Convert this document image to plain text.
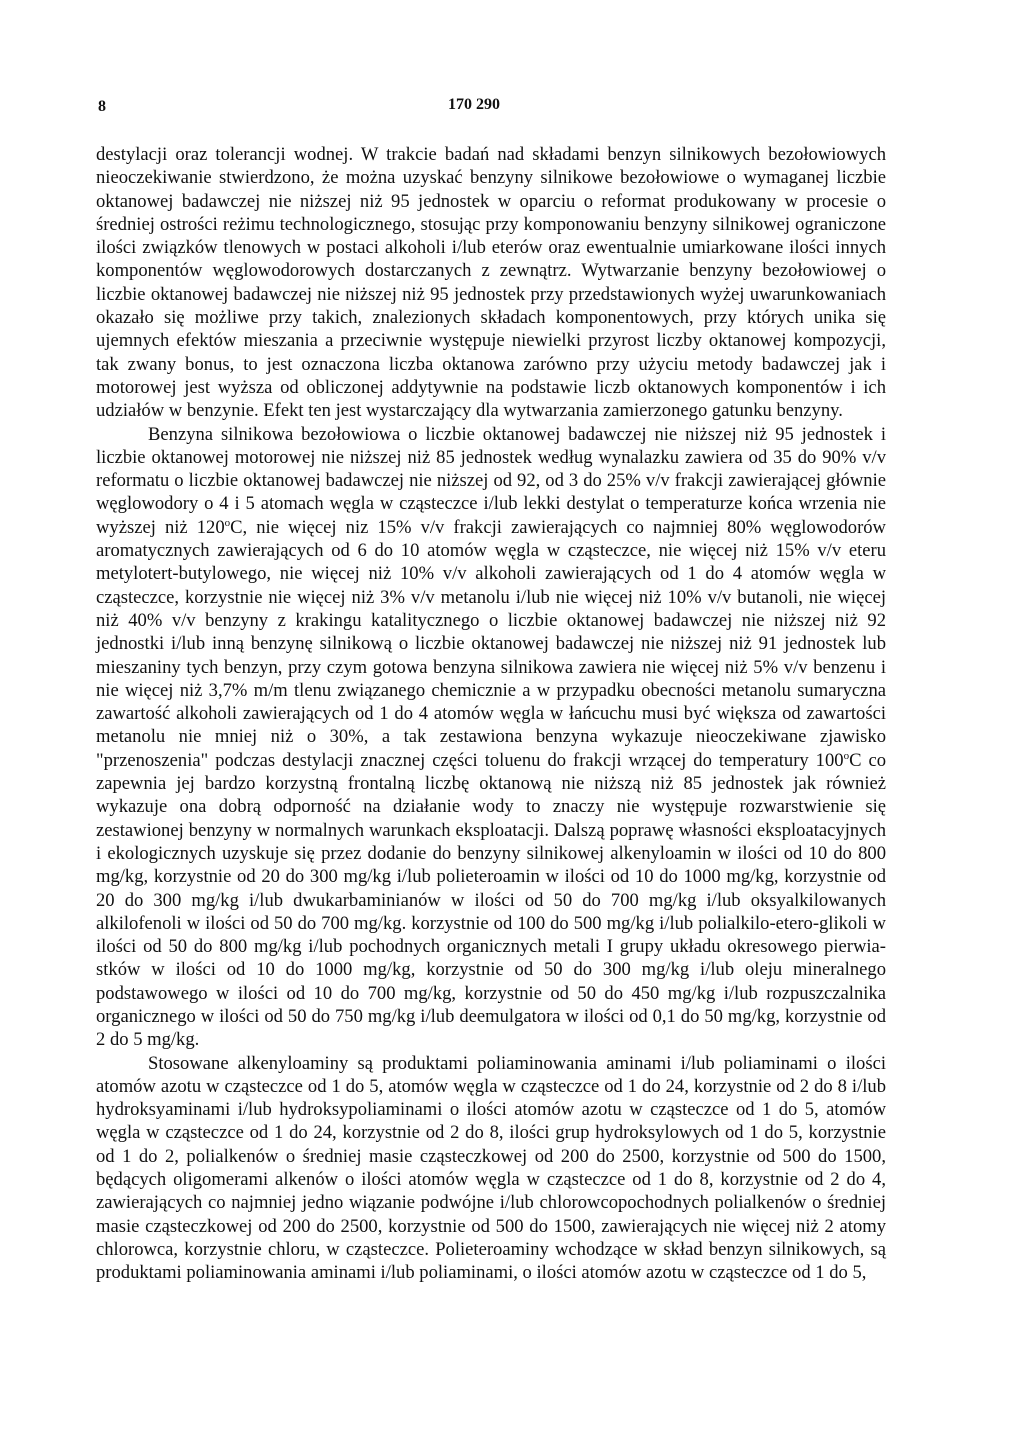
8	170 290

destylacji oraz tolerancji wodnej. W trakcie badań nad składami benzyn silnikowych bezołowiowych nieoczekiwanie stwierdzono, że można uzyskać benzyny silnikowe bezołowiowe o wymaganej liczbie oktanowej badawczej nie niższej niż 95 jednostek w oparciu o reformat produkowany w procesie o średniej ostrości reżimu technologicznego, stosując przy komponowaniu benzyny silnikowej ograniczone ilości związków tlenowych w postaci alkoholi i/lub eterów oraz ewentualnie umiarkowane ilości innych komponentów węglowodorowych dostarczanych z zewnątrz. Wytwarzanie benzyny bezołowiowej o liczbie oktanowej badawczej nie niższej niż 95 jednostek przy przedstawionych wyżej uwarunkowaniach okazało się możliwe przy takich, znalezionych składach komponentowych, przy których unika się ujemnych efektów mieszania a przeciwnie występuje niewielki przyrost liczby oktanowej kompozycji, tak zwany bonus, to jest oznaczona liczba oktanowa zarówno przy użyciu metody badawczej jak i motorowej jest wyższa od obliczonej addytywnie na podstawie liczb oktanowych komponentów i ich udziałów w benzynie. Efekt ten jest wystarczający dla wytwarzania zamierzonego gatunku benzyny.

Benzyna silnikowa bezołowiowa o liczbie oktanowej badawczej nie niższej niż 95 jednostek i liczbie oktanowej motorowej nie niższej niż 85 jednostek według wynalazku zawiera od 35 do 90% v/v reformatu o liczbie oktanowej badawczej nie niższej od 92, od 3 do 25% v/v frakcji zawierającej głównie węglowodory o 4 i 5 atomach węgla w cząsteczce i/lub lekki destylat o temperaturze końca wrzenia nie wyższej niż 120$^o$C, nie więcej niz 15% v/v frakcji zawierających co najmniej 80% węglowodorów aromatycznych zawierających od 6 do 10 atomów węgla w cząsteczce, nie więcej niż 15% v/v eteru metylotert-butylowego, nie więcej niż 10% v/v alkoholi zawierających od 1 do 4 atomów węgla w cząsteczce, korzystnie nie więcej niż 3% v/v metanolu i/lub nie więcej niż 10% v/v butanoli, nie więcej niż 40% v/v benzyny z krakingu katalitycznego o liczbie oktanowej badawczej nie niższej niż 92 jednostki i/lub inną benzynę silnikową o liczbie oktanowej badawczej nie niższej niż 91 jednostek lub mieszaniny tych benzyn, przy czym gotowa benzyna silnikowa zawiera nie więcej niż 5% v/v benzenu i nie więcej niż 3,7% m/m tlenu związanego chemicznie a w przypadku obecności metanolu sumaryczna zawartość alkoholi zawierających od 1 do 4 atomów węgla w łańcuchu musi być większa od zawartości metanolu nie mniej niż o 30%, a tak zestawiona benzyna wykazuje nieoczekiwane zjawisko "przenoszenia" podczas destylacji znacznej części toluenu do frakcji wrzącej do temperatury 100$^o$C co zapewnia jej bardzo korzystną frontalną liczbę oktanową nie niższą niż 85 jednostek jak również wykazuje ona dobrą odporność na działanie wody to znaczy nie występuje rozwarstwienie się zestawionej benzyny w normalnych warunkach eksploatacji. Dalszą poprawę własności eksploatacyjnych i ekologicznych uzyskuje się przez dodanie do benzyny silnikowej alkenyloamin w ilości od 10 do 800 mg/kg, korzystnie od 20 do 300 mg/kg i/lub polieteroamin w ilości od 10 do 1000 mg/kg, korzystnie od 20 do 300 mg/kg i/lub dwukarbaminianów w ilości od 50 do 700 mg/kg i/lub oksyalkilowanych alkilofenoli w ilości od 50 do 700 mg/kg. korzystnie od 100 do 500 mg/kg i/lub polialkilo-etero-glikoli w ilości od 50 do 800 mg/kg i/lub pochodnych organicznych metali I grupy układu okresowego pierwiastków w ilości od 10 do 1000 mg/kg, korzystnie od 50 do 300 mg/kg i/lub oleju mineralnego podstawowego w ilości od 10 do 700 mg/kg, korzystnie od 50 do 450 mg/kg i/lub rozpuszczalnika organicznego w ilości od 50 do 750 mg/kg i/lub deemulgatora w ilości od 0,1 do 50 mg/kg, korzystnie od 2 do 5 mg/kg.

Stosowane alkenyloaminy są produktami poliaminowania aminami i/lub poliaminami o ilości atomów azotu w cząsteczce od 1 do 5, atomów węgla w cząsteczce od 1 do 24, korzystnie od 2 do 8 i/lub hydroksyaminami i/lub hydroksypoliaminami o ilości atomów azotu w cząsteczce od 1 do 5, atomów węgla w cząsteczce od 1 do 24, korzystnie od 2 do 8, ilości grup hydroksylowych od 1 do 5, korzystnie od 1 do 2, polialkenów o średniej masie cząsteczkowej od 200 do 2500, korzystnie od 500 do 1500, będących oligomerami alkenów o ilości atomów węgla w cząsteczce od 1 do 8, korzystnie od 2 do 4, zawierających co najmniej jedno wiązanie podwójne i/lub chlorowcopochodnych polialkenów o średniej masie cząsteczkowej od 200 do 2500, korzystnie od 500 do 1500, zawierających nie więcej niż 2 atomy chlorowca, korzystnie chloru, w cząsteczce. Polieteroaminy wchodzące w skład benzyn silnikowych, są produktami poliaminowania aminami i/lub poliaminami, o ilości atomów azotu w cząsteczce od 1 do 5,
